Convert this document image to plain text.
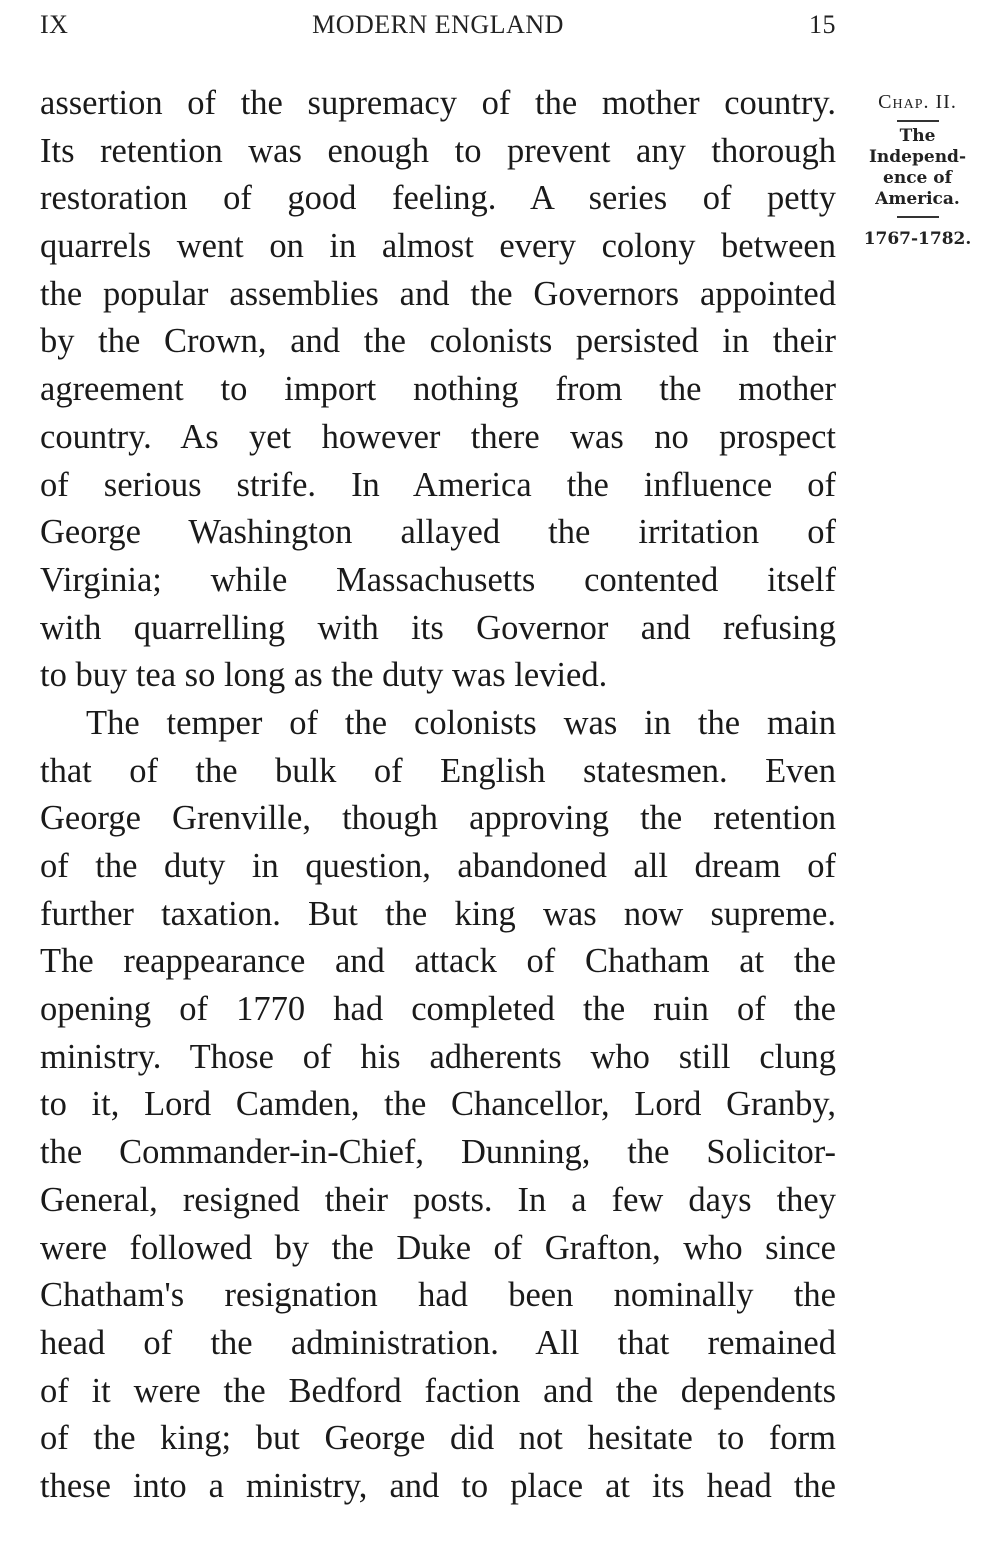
IX	MODERN ENGLAND	15
assertion of the supremacy of the mother country.
Its retention was enough to prevent any thorough
restoration of good feeling. A series of petty
quarrels went on in almost every colony between
the popular assemblies and the Governors appointed
by the Crown, and the colonists persisted in their
agreement to import nothing from the mother
country. As yet however there was no prospect
of serious strife. In America the influence of
George Washington allayed the irritation of
Virginia; while Massachusetts contented itself
with quarrelling with its Governor and refusing
to buy tea so long as the duty was levied.
The temper of the colonists was in the main
that of the bulk of English statesmen. Even
George Grenville, though approving the retention
of the duty in question, abandoned all dream of
further taxation. But the king was now supreme.
The reappearance and attack of Chatham at the
opening of 1770 had completed the ruin of the
ministry. Those of his adherents who still clung
to it, Lord Camden, the Chancellor, Lord Granby,
the Commander-in-Chief, Dunning, the Solicitor-
General, resigned their posts. In a few days they
were followed by the Duke of Grafton, who since
Chatham's resignation had been nominally the
head of the administration. All that remained
of it were the Bedford faction and the dependents
of the king; but George did not hesitate to form
these into a ministry, and to place at its head the
Chap. II.
The
Independ-
ence of
America.
1767-1782.
